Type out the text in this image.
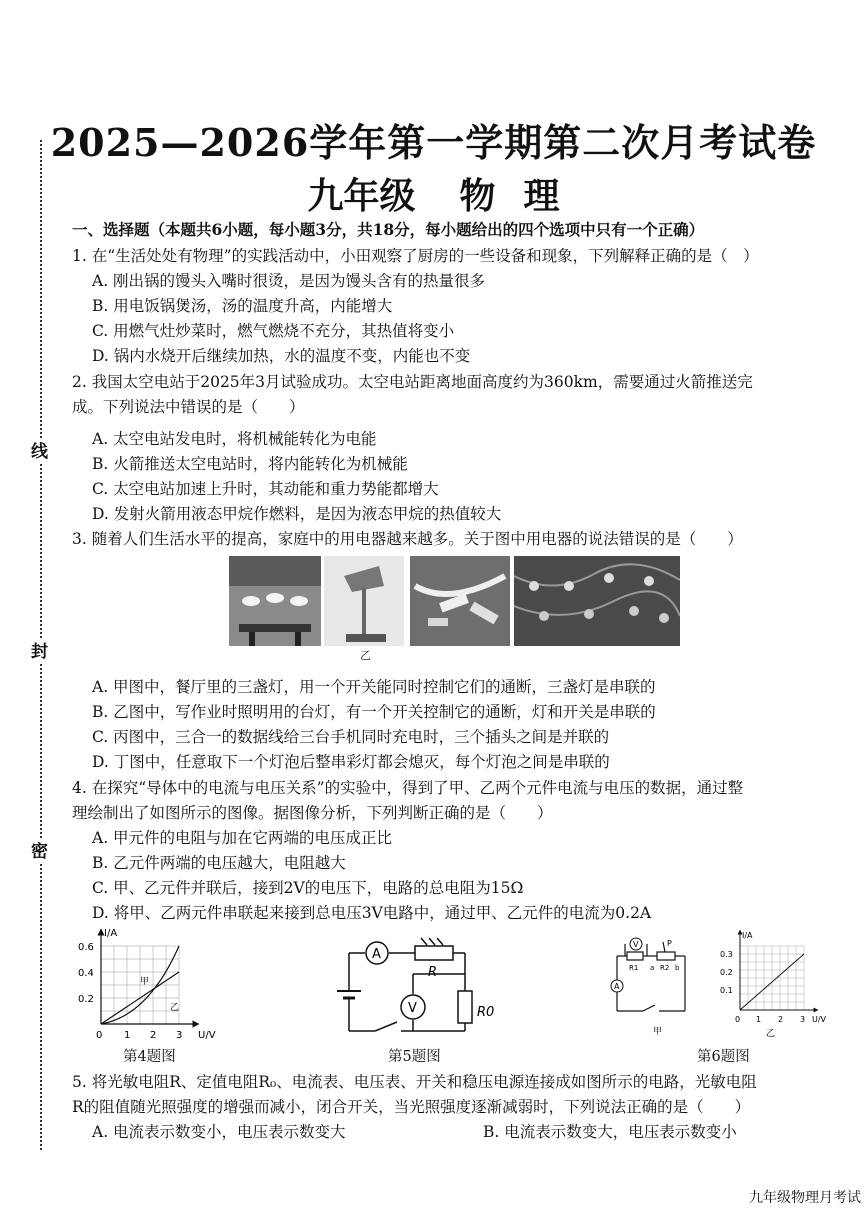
线
封
密
2025—2026学年第一学期第二次月考试卷
九年级 物 理
一、选择题（本题共6小题，每小题3分，共18分，每小题给出的四个选项中只有一个正确）
1. 在“生活处处有物理”的实践活动中，小田观察了厨房的一些设备和现象，下列解释正确的是（　）
A. 刚出锅的馒头入嘴时很烫，是因为馒头含有的热量很多
B. 用电饭锅煲汤，汤的温度升高，内能增大
C. 用燃气灶炒菜时，燃气燃烧不充分，其热值将变小
D. 锅内水烧开后继续加热，水的温度不变，内能也不变
2. 我国太空电站于2025年3月试验成功。太空电站距离地面高度约为360km，需要通过火箭推送完
成。下列说法中错误的是（　　）
A. 太空电站发电时，将机械能转化为电能
B. 火箭推送太空电站时，将内能转化为机械能
C. 太空电站加速上升时，其动能和重力势能都增大
D. 发射火箭用液态甲烷作燃料，是因为液态甲烷的热值较大
3. 随着人们生活水平的提高，家庭中的用电器越来越多。关于图中用电器的说法错误的是（　　）
乙
A. 甲图中，餐厅里的三盏灯，用一个开关能同时控制它们的通断，三盏灯是串联的
B. 乙图中，写作业时照明用的台灯，有一个开关控制它的通断，灯和开关是串联的
C. 丙图中，三合一的数据线给三台手机同时充电时，三个插头之间是并联的
D. 丁图中，任意取下一个灯泡后整串彩灯都会熄灭，每个灯泡之间是串联的
4. 在探究“导体中的电流与电压关系”的实验中，得到了甲、乙两个元件电流与电压的数据，通过整
理绘制出了如图所示的图像。据图像分析，下列判断正确的是（　　）
A. 甲元件的电阻与加在它两端的电压成正比
B. 乙元件两端的电压越大，电阻越大
C. 甲、乙元件并联后，接到2V的电压下，电路的总电阻为15Ω
D. 将甲、乙两元件串联起来接到总电压3V电路中，通过甲、乙元件的电流为0.2A
I/A
0.6
0.4
0.2
0 1 2 3 U/V
甲
乙
第4题图
A
V
R
R0
第5题图
V	P
R1 a R2 b
A
甲
I/A
0.3
0.2
0.1
0 1 2 3 U/V
乙
第6题图
5. 将光敏电阻R、定值电阻R₀、电流表、电压表、开关和稳压电源连接成如图所示的电路，光敏电阻
R的阻值随光照强度的增强而减小，闭合开关，当光照强度逐渐减弱时，下列说法正确的是（　　）
A. 电流表示数变小，电压表示数变大	B. 电流表示数变大，电压表示数变小
九年级物理月考试
